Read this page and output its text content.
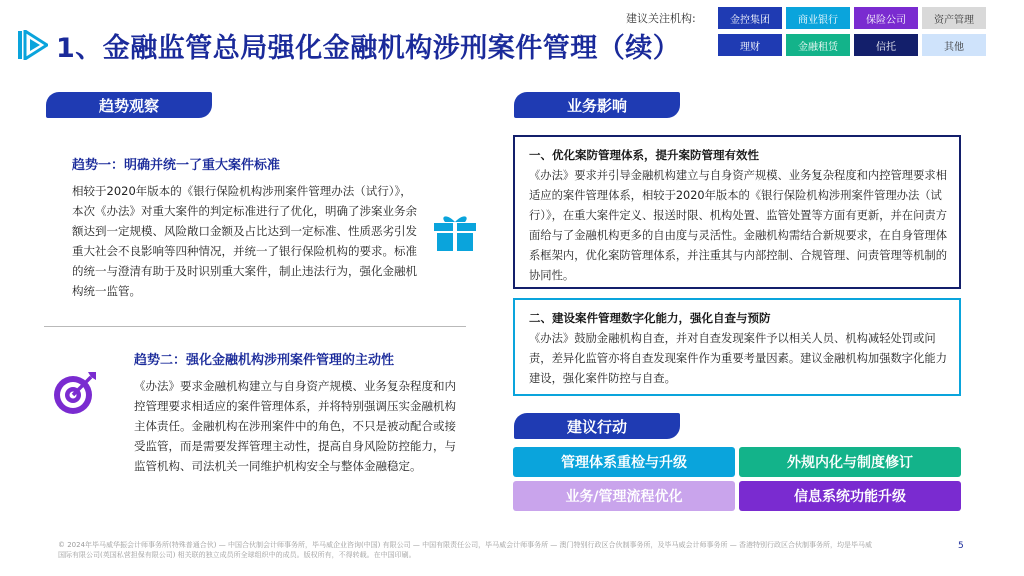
1、金融监管总局强化金融机构涉刑案件管理（续）
建议关注机构:	金控集团	商业银行	保险公司	资产管理
理财	金融租赁	信托	其他
趋势观察
趋势一：明确并统一了重大案件标准
相较于2020年版本的《银行保险机构涉刑案件管理办法（试行）》，本次《办法》对重大案件的判定标准进行了优化，明确了涉案业务余额达到一定规模、风险敞口金额及占比达到一定标准、性质恶劣引发重大社会不良影响等四种情况，并统一了银行保险机构的要求。标准的统一与澄清有助于及时识别重大案件，制止违法行为，强化金融机构统一监管。
趋势二：强化金融机构涉刑案件管理的主动性
《办法》要求金融机构建立与自身资产规模、业务复杂程度和内控管理要求相适应的案件管理体系，并将特别强调压实金融机构主体责任。金融机构在涉刑案件中的角色，不只是被动配合或接受监管，而是需要发挥管理主动性，提高自身风险防控能力，与监管机构、司法机关一同维护机构安全与整体金融稳定。
业务影响
一、优化案防管理体系，提升案防管理有效性
《办法》要求并引导金融机构建立与自身资产规模、业务复杂程度和内控管理要求相适应的案件管理体系，相较于2020年版本的《银行保险机构涉刑案件管理办法（试行）》，在重大案件定义、报送时限、机构处置、监管处置等方面有更新，并在问责方面给与了金融机构更多的自由度与灵活性。金融机构需结合新规要求，在自身管理体系框架内，优化案防管理体系，并注重其与内部控制、合规管理、问责管理等机制的协同性。
二、建设案件管理数字化能力，强化自查与预防
《办法》鼓励金融机构自查，并对自查发现案件予以相关人员、机构减轻处罚或问责，差异化监管亦将自查发现案件作为重要考量因素。建议金融机构加强数字化能力建设，强化案件防控与自查。
建议行动
管理体系重检与升级	外规内化与制度修订
业务/管理流程优化	信息系统功能升级
© 2024年毕马威华振会计师事务所(特殊普通合伙) — 中国合伙制会计师事务所，毕马威企业咨询(中国) 有限公司 — 中国有限责任公司，毕马威会计师事务所 — 澳门特别行政区合伙制事务所，及毕马威会计师事务所 — 香港特别行政区合伙制事务所，均是毕马威国际有限公司(英国私营担保有限公司) 相关联的独立成员所全球组织中的成员。版权所有，不得转载。在中国印刷。
5
